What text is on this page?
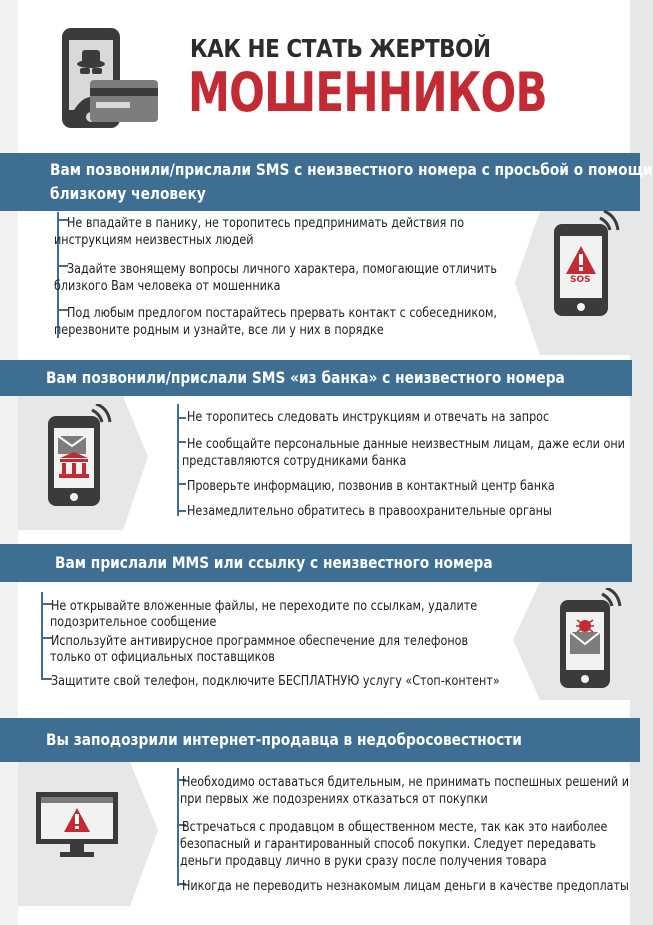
КАК НЕ СТАТЬ ЖЕРТВОЙ
МОШЕННИКОВ
Вам позвонили/прислали SMS с неизвестного номера с просьбой о помощи
близкому человеку
Не впадайте в панику, не торопитесь предпринимать действия по
инструкциям неизвестных людей
Задайте звонящему вопросы личного характера, помогающие отличить
близкого Вам человека от мошенника
Под любым предлогом постарайтесь прервать контакт с собеседником,
перезвоните родным и узнайте, все ли у них в порядке
SOS
Вам позвонили/прислали SMS «из банка» с неизвестного номера
Не торопитесь следовать инструкциям и отвечать на запрос
Не сообщайте персональные данные неизвестным лицам, даже если они
представляются сотрудниками банка
Проверьте информацию, позвонив в контактный центр банка
Незамедлительно обратитесь в правоохранительные органы
Вам прислали MMS или ссылку с неизвестного номера
Не открывайте вложенные файлы, не переходите по ссылкам, удалите
подозрительное сообщение
Используйте антивирусное программное обеспечение для телефонов
только от официальных поставщиков
Защитите свой телефон, подключите БЕСПЛАТНУЮ услугу «Стоп-контент»
Вы заподозрили интернет-продавца в недобросовестности
Необходимо оставаться бдительным, не принимать поспешных решений и
при первых же подозрениях отказаться от покупки
Встречаться с продавцом в общественном месте, так как это наиболее
безопасный и гарантированный способ покупки. Следует передавать
деньги продавцу лично в руки сразу после получения товара
Никогда не переводить незнакомым лицам деньги в качестве предоплаты
